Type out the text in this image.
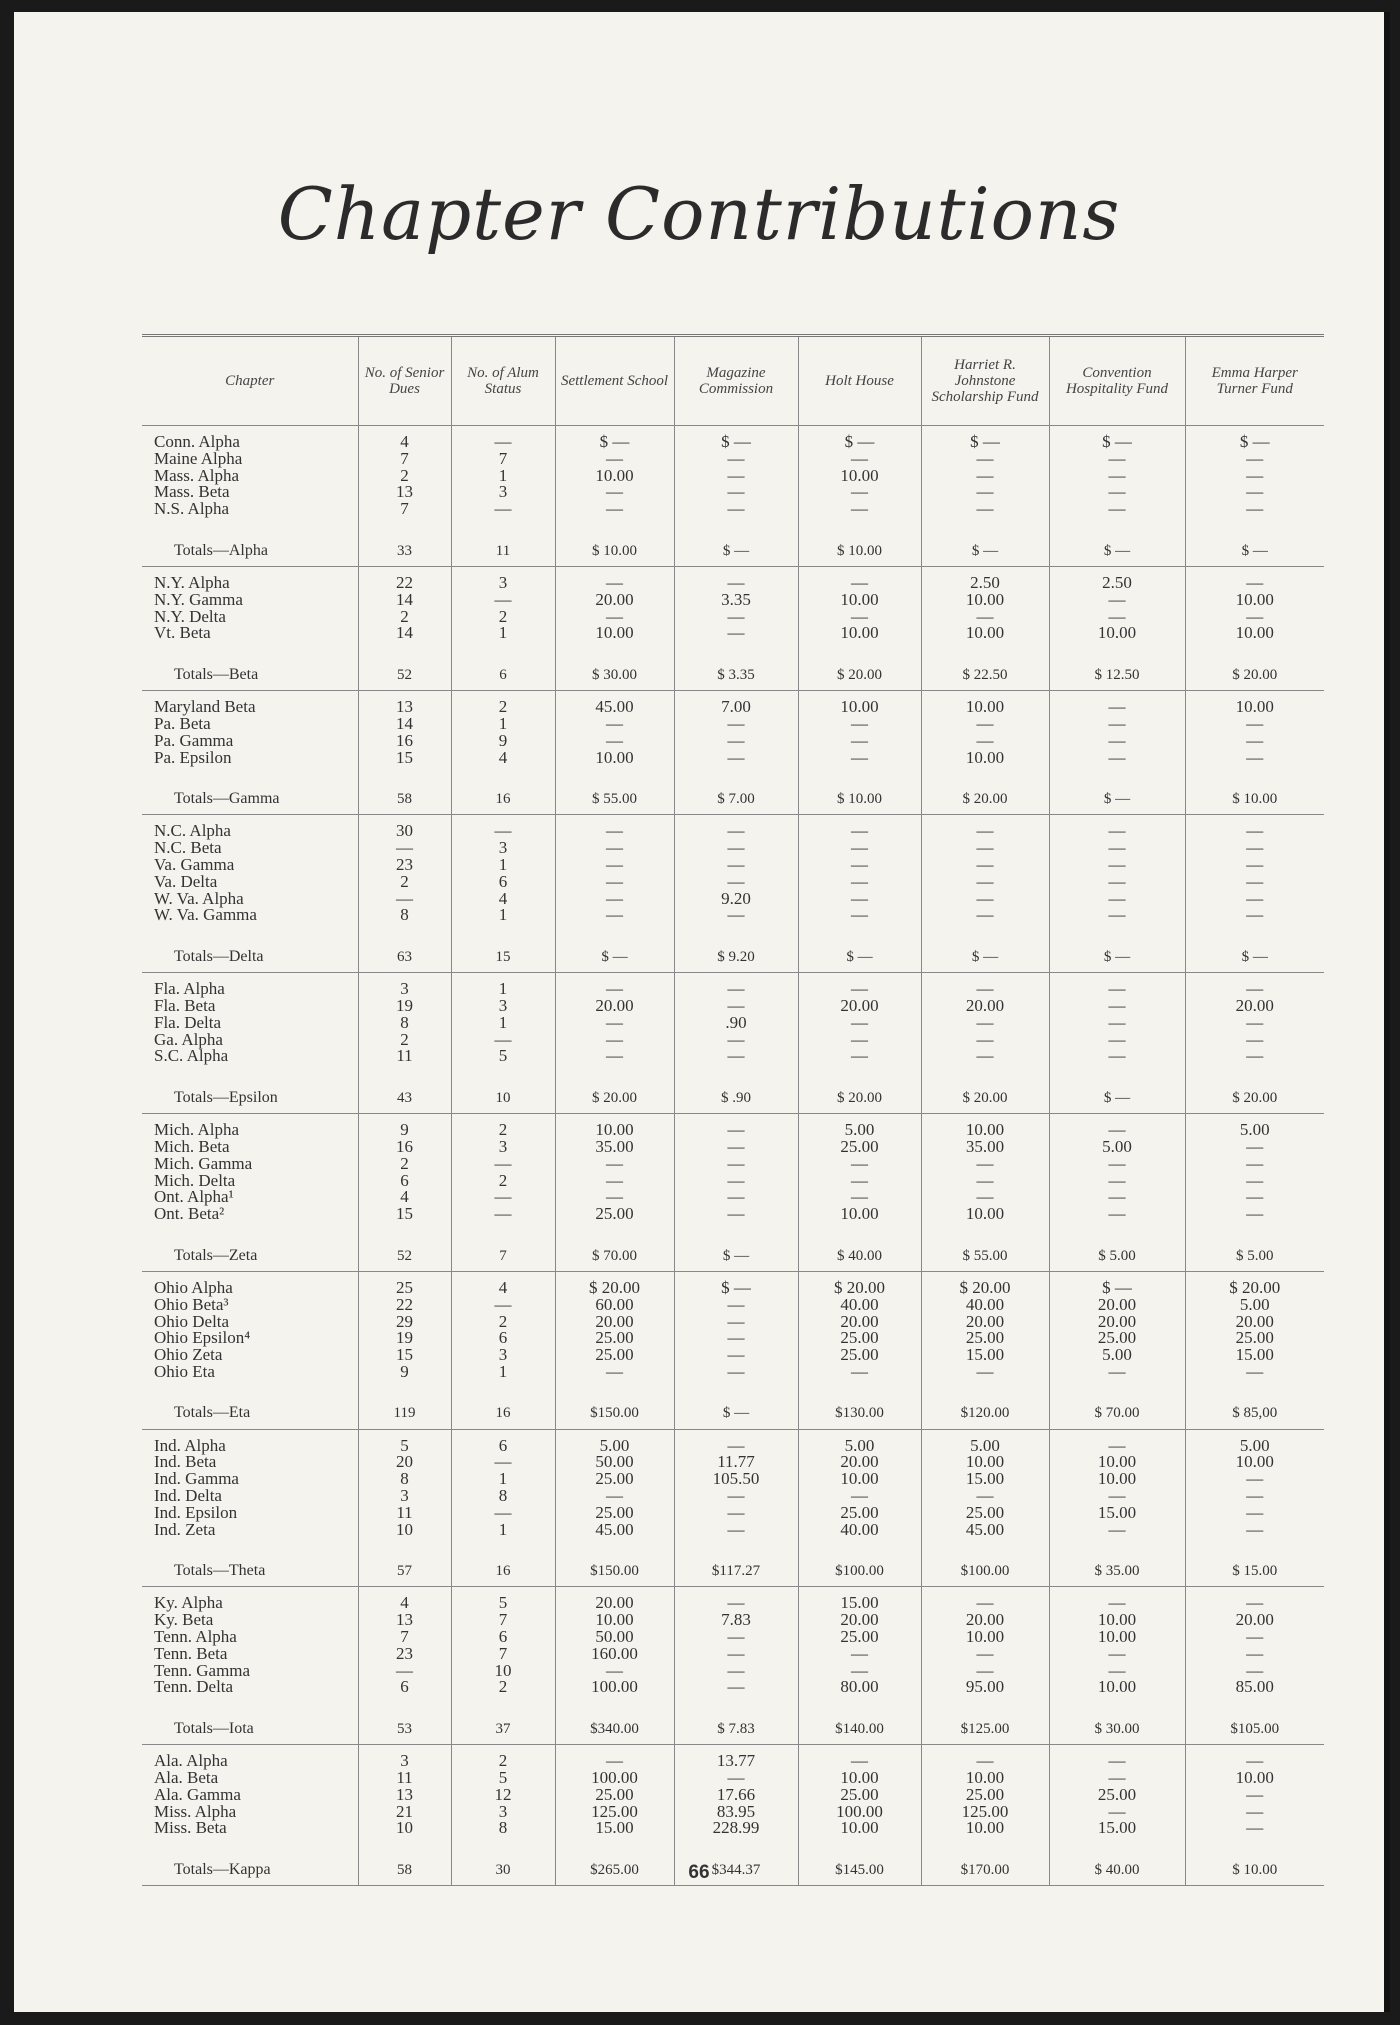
Chapter Contributions
Chapter	No. of Senior Dues	No. of Alum Status	Settlement School	Magazine Commission	Holt House	Harriet R. Johnstone Scholarship Fund	Convention Hospitality Fund	Emma Harper Turner Fund
Conn. Alpha	4	—	$ —	$ —	$ —	$ —	$ —	$ —
Maine Alpha	7	7	—	—	—	—	—	—
Mass. Alpha	2	1	10.00	—	10.00	—	—	—
Mass. Beta	13	3	—	—	—	—	—	—
N.S. Alpha	7	—	—	—	—	—	—	—

Totals—Alpha	33	11	$ 10.00	$ —	$ 10.00	$ —	$ —	$ —
N.Y. Alpha	22	3	—	—	—	2.50	2.50	—
N.Y. Gamma	14	—	20.00	3.35	10.00	10.00	—	10.00
N.Y. Delta	2	2	—	—	—	—	—	—
Vt. Beta	14	1	10.00	—	10.00	10.00	10.00	10.00

Totals—Beta	52	6	$ 30.00	$ 3.35	$ 20.00	$ 22.50	$ 12.50	$ 20.00
Maryland Beta	13	2	45.00	7.00	10.00	10.00	—	10.00
Pa. Beta	14	1	—	—	—	—	—	—
Pa. Gamma	16	9	—	—	—	—	—	—
Pa. Epsilon	15	4	10.00	—	—	10.00	—	—

Totals—Gamma	58	16	$ 55.00	$ 7.00	$ 10.00	$ 20.00	$ —	$ 10.00
N.C. Alpha	30	—	—	—	—	—	—	—
N.C. Beta	—	3	—	—	—	—	—	—
Va. Gamma	23	1	—	—	—	—	—	—
Va. Delta	2	6	—	—	—	—	—	—
W. Va. Alpha	—	4	—	9.20	—	—	—	—
W. Va. Gamma	8	1	—	—	—	—	—	—

Totals—Delta	63	15	$ —	$ 9.20	$ —	$ —	$ —	$ —
Fla. Alpha	3	1	—	—	—	—	—	—
Fla. Beta	19	3	20.00	—	20.00	20.00	—	20.00
Fla. Delta	8	1	—	.90	—	—	—	—
Ga. Alpha	2	—	—	—	—	—	—	—
S.C. Alpha	11	5	—	—	—	—	—	—

Totals—Epsilon	43	10	$ 20.00	$ .90	$ 20.00	$ 20.00	$ —	$ 20.00
Mich. Alpha	9	2	10.00	—	5.00	10.00	—	5.00
Mich. Beta	16	3	35.00	—	25.00	35.00	5.00	—
Mich. Gamma	2	—	—	—	—	—	—	—
Mich. Delta	6	2	—	—	—	—	—	—
Ont. Alpha¹	4	—	—	—	—	—	—	—
Ont. Beta²	15	—	25.00	—	10.00	10.00	—	—

Totals—Zeta	52	7	$ 70.00	$ —	$ 40.00	$ 55.00	$ 5.00	$ 5.00
Ohio Alpha	25	4	$ 20.00	$ —	$ 20.00	$ 20.00	$ —	$ 20.00
Ohio Beta³	22	—	60.00	—	40.00	40.00	20.00	5.00
Ohio Delta	29	2	20.00	—	20.00	20.00	20.00	20.00
Ohio Epsilon⁴	19	6	25.00	—	25.00	25.00	25.00	25.00
Ohio Zeta	15	3	25.00	—	25.00	15.00	5.00	15.00
Ohio Eta	9	1	—	—	—	—	—	—

Totals—Eta	119	16	$150.00	$ —	$130.00	$120.00	$ 70.00	$ 85,00
Ind. Alpha	5	6	5.00	—	5.00	5.00	—	5.00
Ind. Beta	20	—	50.00	11.77	20.00	10.00	10.00	10.00
Ind. Gamma	8	1	25.00	105.50	10.00	15.00	10.00	—
Ind. Delta	3	8	—	—	—	—	—	—
Ind. Epsilon	11	—	25.00	—	25.00	25.00	15.00	—
Ind. Zeta	10	1	45.00	—	40.00	45.00	—	—

Totals—Theta	57	16	$150.00	$117.27	$100.00	$100.00	$ 35.00	$ 15.00
Ky. Alpha	4	5	20.00	—	15.00	—	—	—
Ky. Beta	13	7	10.00	7.83	20.00	20.00	10.00	20.00
Tenn. Alpha	7	6	50.00	—	25.00	10.00	10.00	—
Tenn. Beta	23	7	160.00	—	—	—	—	—
Tenn. Gamma	—	10	—	—	—	—	—	—
Tenn. Delta	6	2	100.00	—	80.00	95.00	10.00	85.00

Totals—Iota	53	37	$340.00	$ 7.83	$140.00	$125.00	$ 30.00	$105.00
Ala. Alpha	3	2	—	13.77	—	—	—	—
Ala. Beta	11	5	100.00	—	10.00	10.00	—	10.00
Ala. Gamma	13	12	25.00	17.66	25.00	25.00	25.00	—
Miss. Alpha	21	3	125.00	83.95	100.00	125.00	—	—
Miss. Beta	10	8	15.00	228.99	10.00	10.00	15.00	—

Totals—Kappa	58	30	$265.00	$344.37	$145.00	$170.00	$ 40.00	$ 10.00
66
